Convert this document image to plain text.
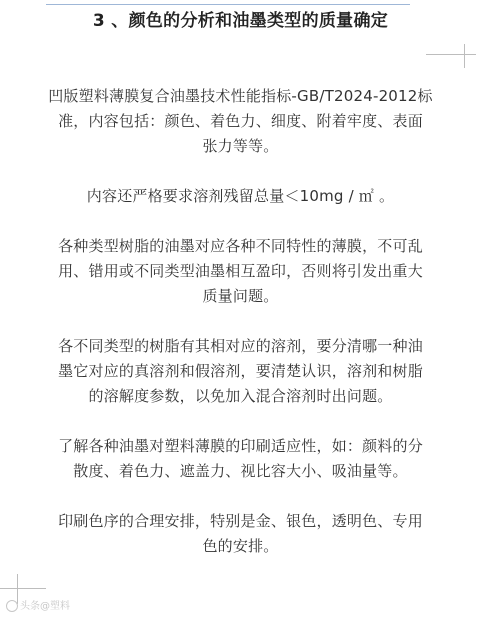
3 、颜色的分析和油墨类型的质量确定

凹版塑料薄膜复合油墨技术性能指标-GB/T2024-2012标
准，内容包括：颜色、着色力、细度、附着牢度、表面
张力等等。

内容还严格要求溶剂残留总量＜10mg / ㎡ 。

各种类型树脂的油墨对应各种不同特性的薄膜，不可乱
用、错用或不同类型油墨相互盈印，否则将引发出重大
质量问题。

各不同类型的树脂有其相对应的溶剂，要分清哪一种油
墨它对应的真溶剂和假溶剂，要清楚认识，溶剂和树脂
的溶解度参数，以免加入混合溶剂时出问题。

了解各种油墨对塑料薄膜的印刷适应性，如：颜料的分
散度、着色力、遮盖力、视比容大小、吸油量等。

印刷色序的合理安排，特别是金、银色，透明色、专用
色的安排。

头条@塑料
